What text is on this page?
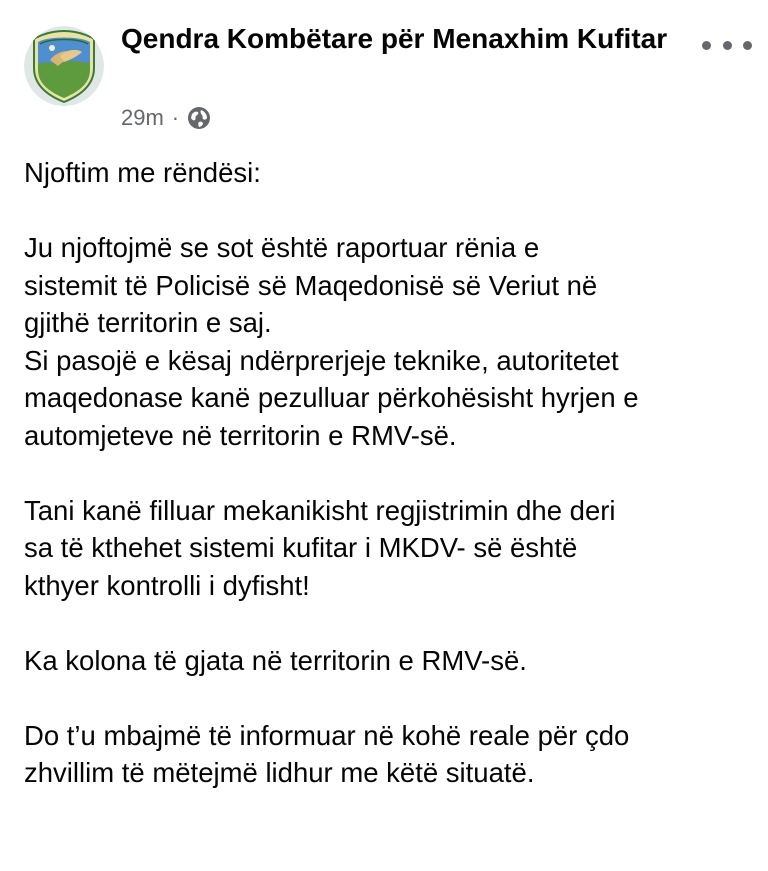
Qendra Kombëtare për Menaxhim Kufitar
29m ·

Njoftim me rëndësi:

Ju njoftojmë se sot është raportuar rënia e

sistemit të Policisë së Maqedonisë së Veriut në

gjithë territorin e saj.

Si pasojë e kësaj ndërprerjeje teknike, autoritetet

maqedonase kanë pezulluar përkohësisht hyrjen e

automjeteve në territorin e RMV-së.

Tani kanë filluar mekanikisht regjistrimin dhe deri

sa të kthehet sistemi kufitar i MKDV- së është

kthyer kontrolli i dyfisht!

Ka kolona të gjata në territorin e RMV-së.

Do t’u mbajmë të informuar në kohë reale për çdo

zhvillim të mëtejmë lidhur me këtë situatë.
